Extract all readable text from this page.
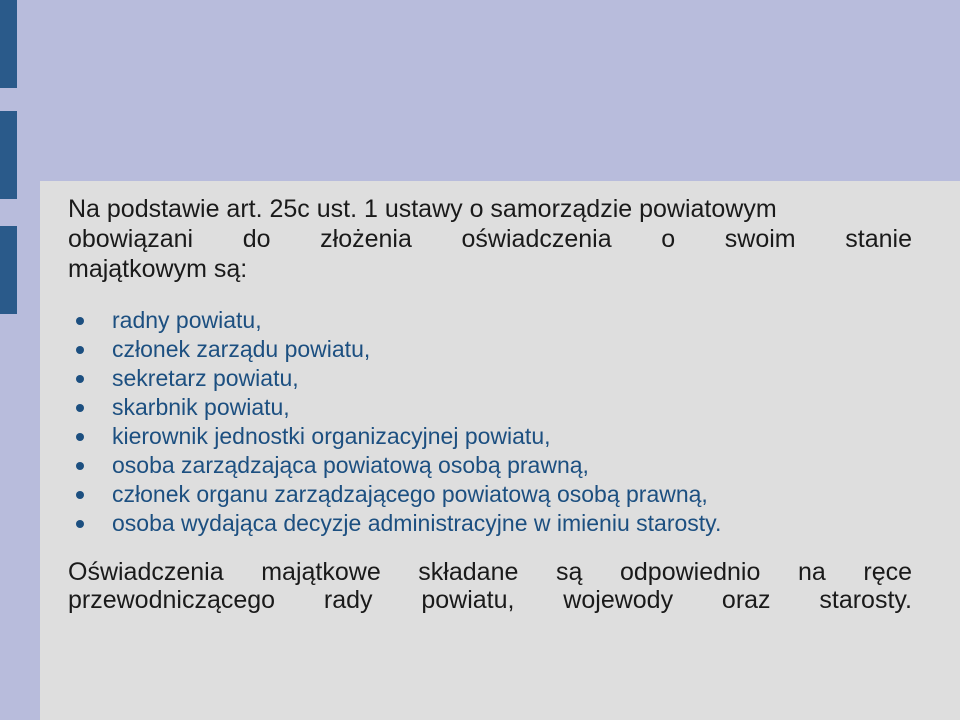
Na podstawie art. 25c ust. 1 ustawy o samorządzie powiatowym

obowiązani do złożenia oświadczenia o swoim stanie

majątkowym są:

radny powiatu,
członek zarządu powiatu,
sekretarz powiatu,
skarbnik powiatu,
kierownik jednostki organizacyjnej powiatu,
osoba zarządzająca powiatową osobą prawną,
członek organu zarządzającego powiatową osobą prawną,
osoba wydająca decyzje administracyjne w imieniu starosty.

Oświadczenia majątkowe składane są odpowiednio na ręce

przewodniczącego rady powiatu, wojewody oraz starosty.
